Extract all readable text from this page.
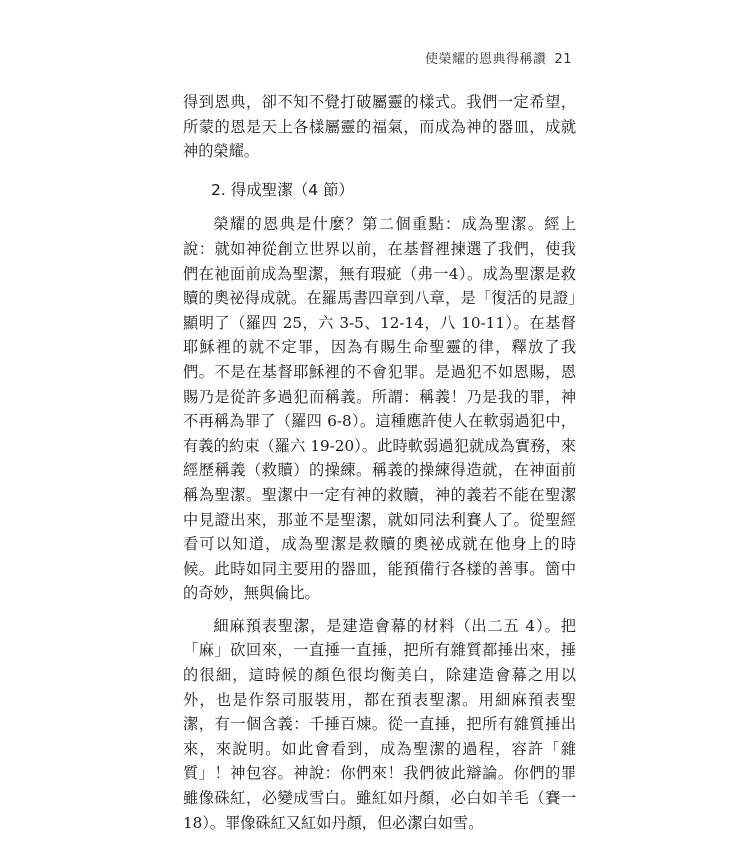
使榮耀的恩典得稱讚 21

得到恩典，卻不知不覺打破屬靈的樣式。我們一定希望，所蒙的恩是天上各樣屬靈的福氣，而成為神的器皿，成就神的榮耀。

2. 得成聖潔（4 節）

榮耀的恩典是什麼？第二個重點：成為聖潔。經上說：就如神從創立世界以前，在基督裡揀選了我們，使我們在祂面前成為聖潔，無有瑕疵（弗一4）。成為聖潔是救贖的奧祕得成就。在羅馬書四章到八章，是「復活的見證」顯明了（羅四 25，六 3-5、12-14，八 10-11）。在基督耶穌裡的就不定罪，因為有賜生命聖靈的律，釋放了我們。不是在基督耶穌裡的不會犯罪。是過犯不如恩賜，恩賜乃是從許多過犯而稱義。所謂：稱義！乃是我的罪，神不再稱為罪了（羅四 6-8）。這種應許使人在軟弱過犯中，有義的約束（羅六 19-20）。此時軟弱過犯就成為實務，來經歷稱義（救贖）的操練。稱義的操練得造就，在神面前稱為聖潔。聖潔中一定有神的救贖，神的義若不能在聖潔中見證出來，那並不是聖潔，就如同法利賽人了。從聖經看可以知道，成為聖潔是救贖的奧祕成就在他身上的時候。此時如同主要用的器皿，能預備行各樣的善事。箇中的奇妙，無與倫比。

細麻預表聖潔，是建造會幕的材料（出二五 4）。把「麻」砍回來，一直捶一直捶，把所有雜質都捶出來，捶的很細，這時候的顏色很均衡美白，除建造會幕之用以外，也是作祭司服裝用，都在預表聖潔。用細麻預表聖潔，有一個含義：千捶百煉。從一直捶，把所有雜質捶出來，來說明。如此會看到，成為聖潔的過程，容許「雜質」！神包容。神說：你們來！我們彼此辯論。你們的罪雖像硃紅，必變成雪白。雖紅如丹顏，必白如羊毛（賽一 18）。罪像硃紅又紅如丹顏，但必潔白如雪。
